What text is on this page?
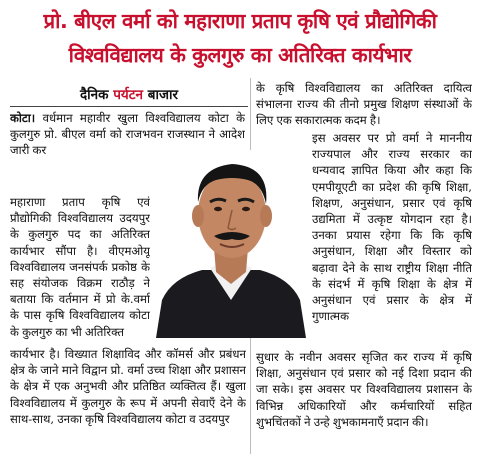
प्रो. बीएल वर्मा को महाराणा प्रताप कृषि एवं प्रौद्योगिकी
विश्वविद्यालय के कुलगुरु का अतिरिक्त कार्यभार
दैनिक पर्यटन बाजार
कोटा। वर्धमान महावीर खुला विश्वविद्यालय कोटा के कुलगुरु प्रो. बीएल वर्मा को राजभवन राजस्थान ने आदेश जारी कर
महाराणा प्रताप कृषि एवं प्रौद्योगिकी विश्वविद्यालय उदयपुर के कुलगुरु पद का अतिरिक्त कार्यभार सौंपा है। वीएमओयू विश्वविद्यालय जनसंपर्क प्रकोष्ठ के सह संयोजक विक्रम राठौड़ ने बताया कि वर्तमान में प्रो के.वर्मा के पास कृषि विश्वविद्यालय कोटा के कुलगुरु का भी अतिरिक्त
कार्यभार है। विख्यात शिक्षाविद और कॉमर्स और प्रबंधन क्षेत्र के जाने माने विद्वान प्रो. वर्मा उच्च शिक्षा और प्रशासन के क्षेत्र में एक अनुभवी और प्रतिष्ठित व्यक्तित्व हैं। खुला विश्वविद्यालय में कुलगुरु के रूप में अपनी सेवाएँ देने के साथ-साथ, उनका कृषि विश्वविद्यालय कोटा व उदयपुर
के कृषि विश्वविद्यालय का अतिरिक्त दायित्व संभालना राज्य की तीनो प्रमुख शिक्षण संस्थाओं के लिए एक सकारात्मक कदम है।
इस अवसर पर प्रो वर्मा ने माननीय राज्यपाल और राज्य सरकार का धन्यवाद ज्ञापित किया और कहा कि एमपीयूएटी का प्रदेश की कृषि शिक्षा, शिक्षण, अनुसंधान, प्रसार एवं कृषि उद्यमिता में उत्कृष्ट योगदान रहा है। उनका प्रयास रहेगा कि कि कृषि अनुसंधान, शिक्षा और विस्तार को बढ़ावा देने के साथ राष्ट्रीय शिक्षा नीति के संदर्भ में कृषि शिक्षा के क्षेत्र में अनुसंधान एवं प्रसार के क्षेत्र में गुणात्मक
सुधार के नवीन अवसर सृजित कर राज्य में कृषि शिक्षा, अनुसंधान एवं प्रसार को नई दिशा प्रदान की जा सके। इस अवसर पर विश्वविद्यालय प्रशासन के विभिन्न अधिकारियों और कर्मचारियों सहित शुभचिंतकों ने उन्हे शुभकामनाएँ प्रदान की।
